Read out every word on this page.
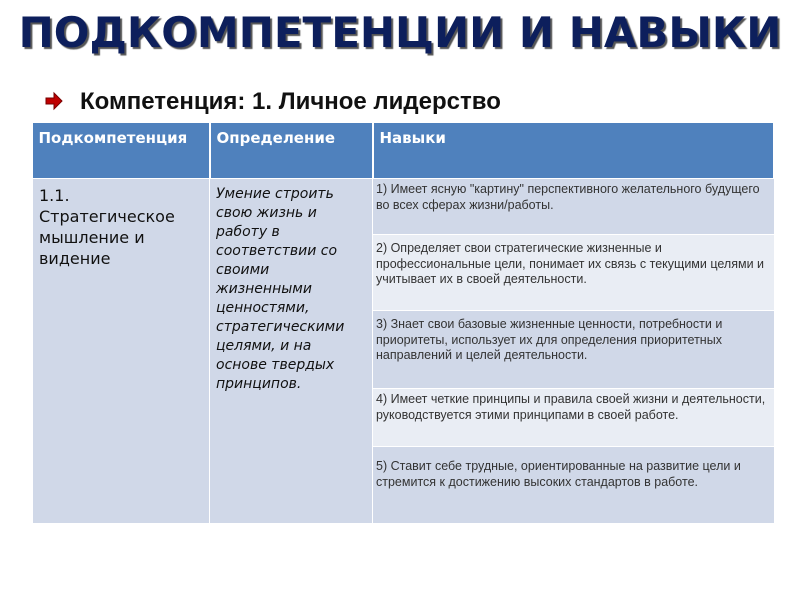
ПОДКОМПЕТЕНЦИИ И НАВЫКИ
Компетенция: 1. Личное лидерство
Подкомпетенция	Определение	Навыки
1.1. Стратегическое мышление и видение	Умение строить свою жизнь и работу в соответствии со своими жизненными ценностями, стратегическими целями, и на основе твердых принципов.	1) Имеет ясную "картину" перспективного желательного будущего во всех сферах жизни/работы.
		2) Определяет свои стратегические жизненные и профессиональные цели, понимает их связь с текущими целями и учитывает их в своей деятельности.
		3) Знает свои базовые жизненные ценности, потребности и приоритеты, использует их для определения приоритетных направлений и целей деятельности.
		4) Имеет четкие принципы и правила своей жизни и деятельности, руководствуется этими принципами в своей работе.
		5) Ставит себе трудные, ориентированные на развитие цели и стремится к достижению высоких стандартов в работе.
